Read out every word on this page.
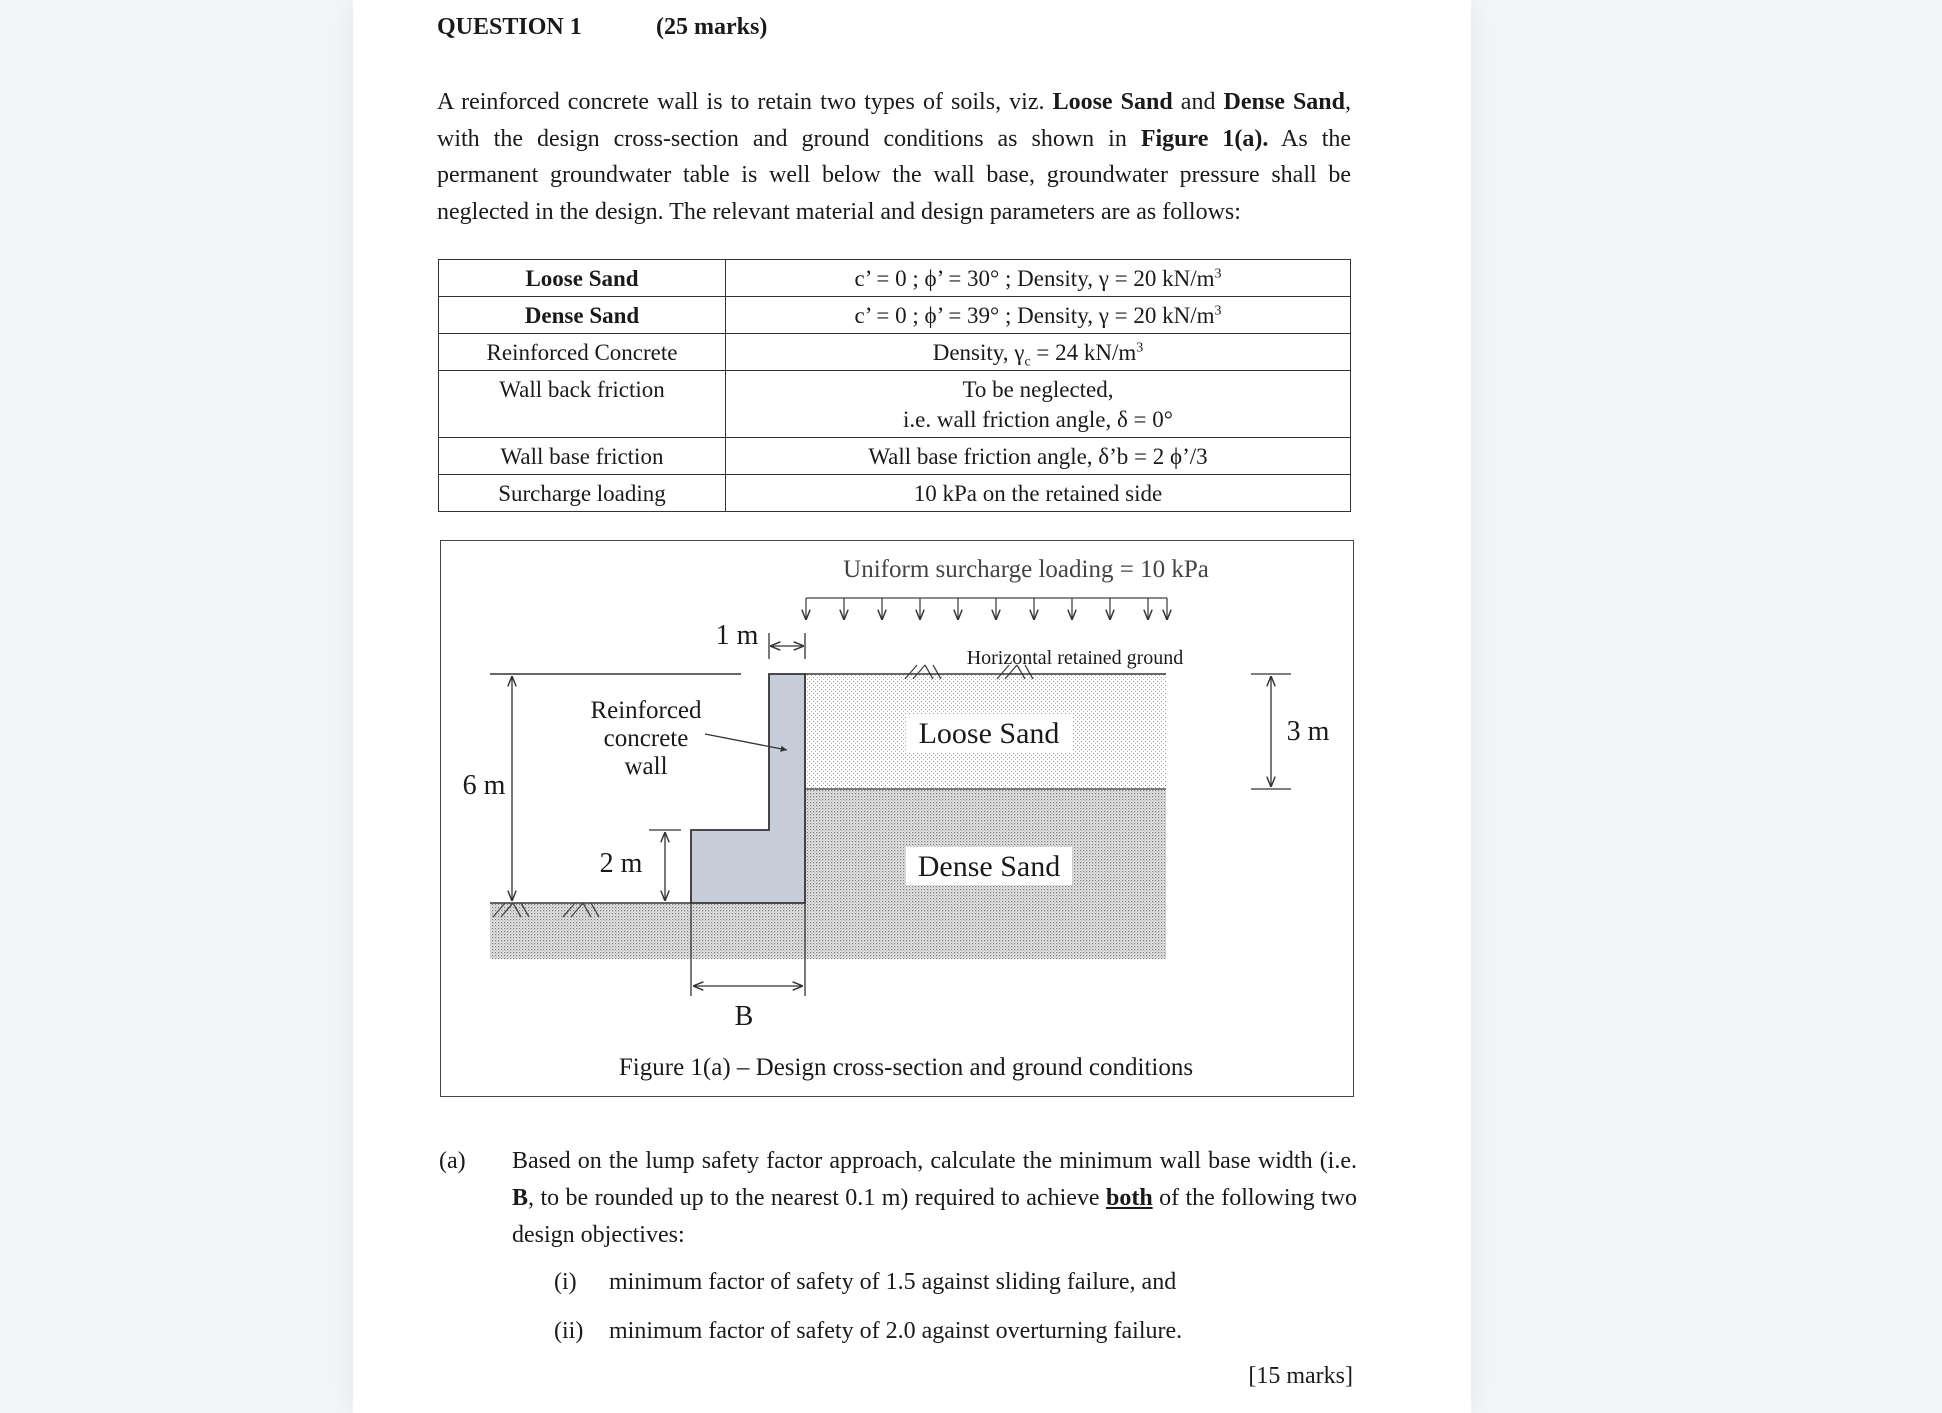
QUESTION 1	(25 marks)

A reinforced concrete wall is to retain two types of soils, viz. Loose Sand and Dense Sand, with the design cross-section and ground conditions as shown in Figure 1(a). As the permanent groundwater table is well below the wall base, groundwater pressure shall be neglected in the design. The relevant material and design parameters are as follows:

Loose Sand	c’ = 0 ; ϕ’ = 30° ; Density, γ = 20 $kN/m^3$
Dense Sand	c’ = 0 ; ϕ’ = 39° ; Density, γ = 20 $kN/m^3$
Reinforced Concrete	Density, $\gamma_c = 24$ $kN/m^3$
Wall back friction	To be neglected,
i.e. wall friction angle, δ = 0°

Wall base friction	Wall base friction angle, δ’b = 2 ϕ’/3
Surcharge loading	10 kPa on the retained side
Uniform surcharge loading = 10 kPa
1 m
Horizontal retained ground
Reinforced
concrete
wall
Loose Sand
Dense Sand
6 m
3 m
2 m
B
Figure 1(a) – Design cross-section and ground conditions
(a) Based on the lump safety factor approach, calculate the minimum wall base width (i.e. B, to be rounded up to the nearest 0.1 m) required to achieve both of the following two design objectives:

(i) minimum factor of safety of 1.5 against sliding failure, and
(ii) minimum factor of safety of 2.0 against overturning failure.
[15 marks]
